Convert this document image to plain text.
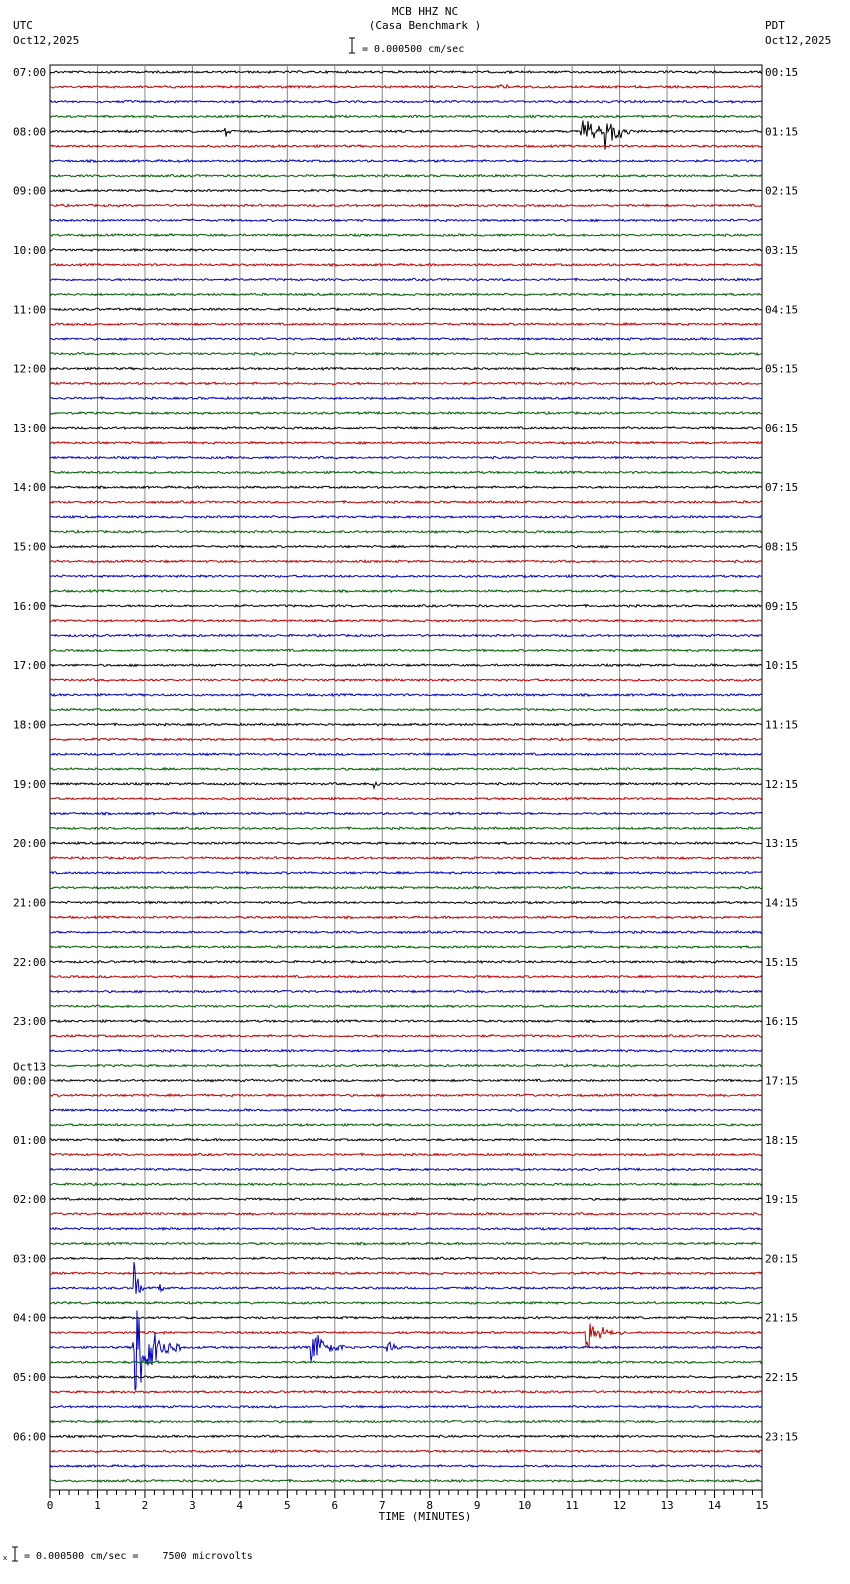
MCB HHZ NC
(Casa Benchmark )
= 0.000500 cm/sec
UTC
Oct12,2025
PDT
Oct12,2025
07:00	00:15
08:00	01:15
09:00	02:15
10:00	03:15
11:00	04:15
12:00	05:15
13:00	06:15
14:00	07:15
15:00	08:15
16:00	09:15
17:00	10:15
18:00	11:15
19:00	12:15
20:00	13:15
21:00	14:15
22:00	15:15
23:00	16:15
00:00	17:15
01:00	18:15
02:00	19:15
03:00	20:15
04:00	21:15
05:00	22:15
06:00	23:15
Oct13
0	1	2	3	4	5	6	7	8	9	10	11	12	13	14	15
TIME (MINUTES)
x = 0.000500 cm/sec =    7500 microvolts
